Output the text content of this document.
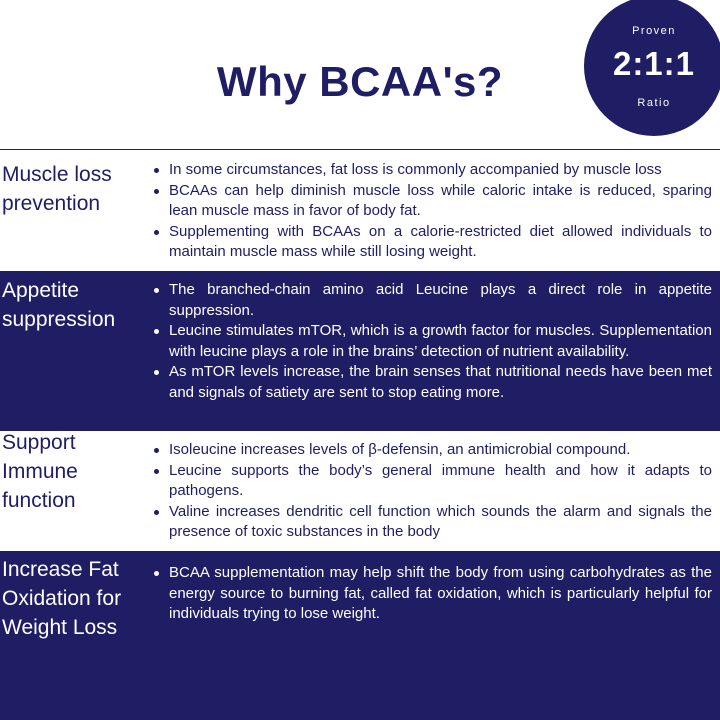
Why BCAA's?
Proven
2:1:1
Ratio
Muscle loss prevention
In some circumstances, fat loss is commonly accompanied by muscle loss
BCAAs can help diminish muscle loss while caloric intake is reduced, sparing lean muscle mass in favor of body fat.
Supplementing with BCAAs on a calorie-restricted diet allowed individuals to maintain muscle mass while still losing weight.
Appetite suppression
The branched-chain amino acid Leucine plays a direct role in appetite suppression.
Leucine stimulates mTOR, which is a growth factor for muscles. Supplementation with leucine plays a role in the brains’ detection of nutrient availability.
As mTOR levels increase, the brain senses that nutritional needs have been met and signals of satiety are sent to stop eating more.
Support Immune function
Isoleucine increases levels of β-defensin, an antimicrobial compound.
Leucine supports the body’s general immune health and how it adapts to pathogens.
Valine increases dendritic cell function which sounds the alarm and signals the presence of toxic substances in the body
Increase Fat Oxidation for Weight Loss
BCAA supplementation may help shift the body from using carbohydrates as the energy source to burning fat, called fat oxidation, which is particularly helpful for individuals trying to lose weight.
